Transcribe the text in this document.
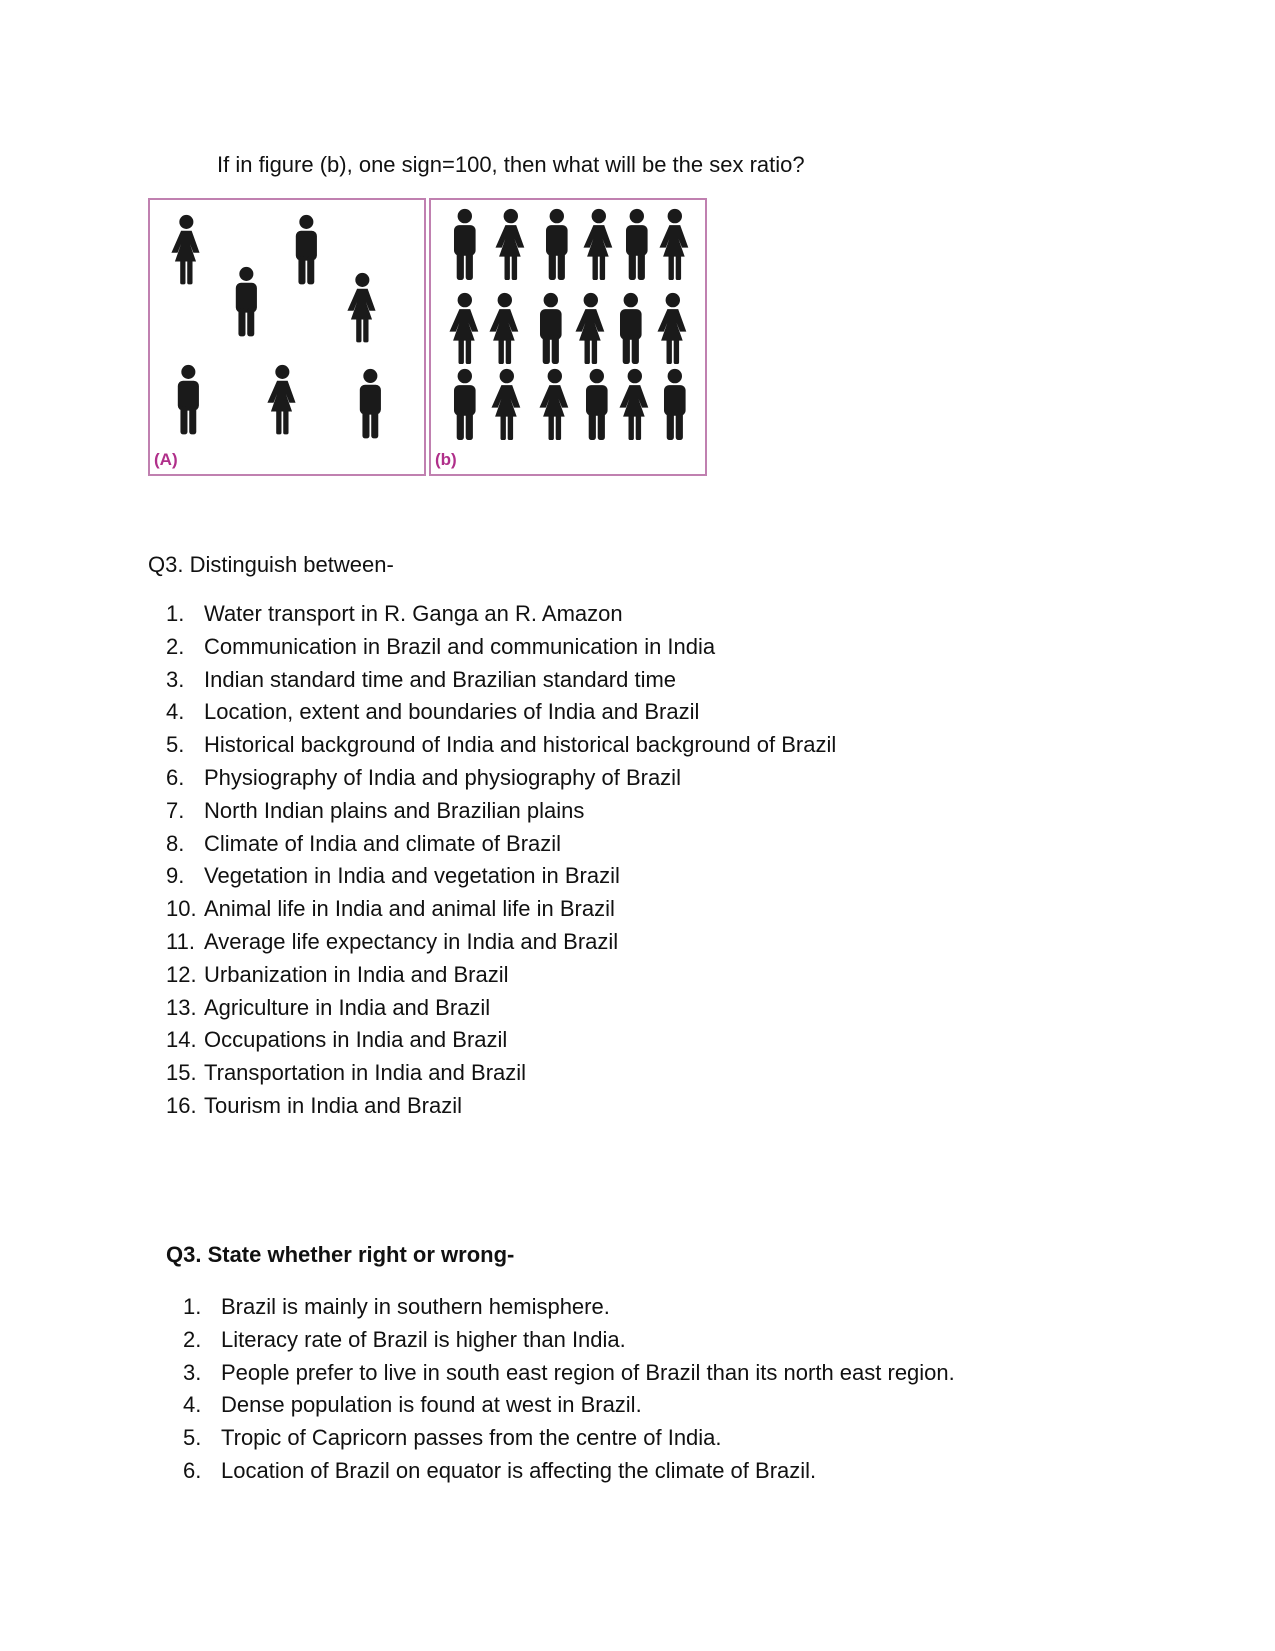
If in figure (b), one sign=100, then what will be the sex ratio?
(A)	(b)
Q3. Distinguish between-
1. Water transport in R. Ganga an R. Amazon
2. Communication in Brazil and communication in India
3. Indian standard time and Brazilian standard time
4. Location, extent and boundaries of India and Brazil
5. Historical background of India and historical background of Brazil
6. Physiography of India and physiography of Brazil
7. North Indian plains and Brazilian plains
8. Climate of India and climate of Brazil
9. Vegetation in India and vegetation in Brazil
10. Animal life in India and animal life in Brazil
11. Average life expectancy in India and Brazil
12. Urbanization in India and Brazil
13. Agriculture in India and Brazil
14. Occupations in India and Brazil
15. Transportation in India and Brazil
16. Tourism in India and Brazil
Q3. State whether right or wrong-
1. Brazil is mainly in southern hemisphere.
2. Literacy rate of Brazil is higher than India.
3. People prefer to live in south east region of Brazil than its north east region.
4. Dense population is found at west in Brazil.
5. Tropic of Capricorn passes from the centre of India.
6. Location of Brazil on equator is affecting the climate of Brazil.
